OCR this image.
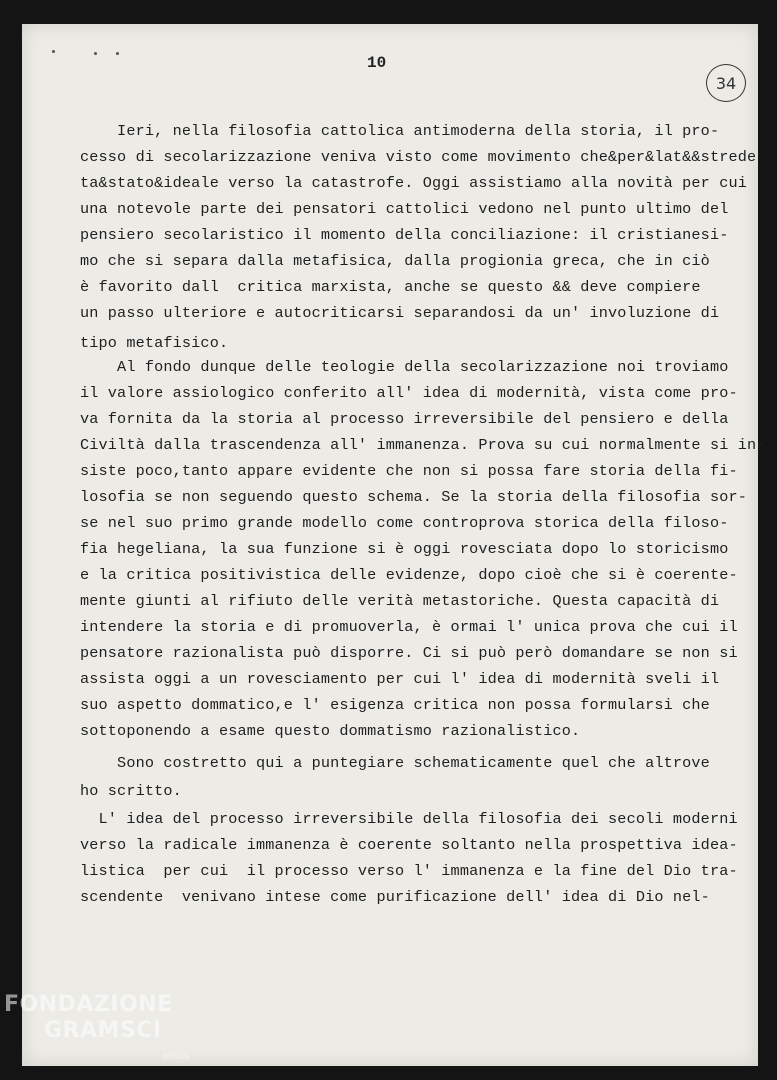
10
34
Ieri, nella filosofia cattolica antimoderna della storia, il pro-
cesso di secolarizzazione veniva visto come movimento che&per&lat&&strede
ta&stato&ideale verso la catastrofe. Oggi assistiamo alla novità per cui
una notevole parte dei pensatori cattolici vedono nel punto ultimo del
pensiero secolaristico il momento della conciliazione: il cristianesi-
mo che si separa dalla metafisica, dalla progionia greca, che in ciò
è favorito dall  critica marxista, anche se questo && deve compiere
un passo ulteriore e autocriticarsi separandosi da un' involuzione di
tipo metafisico.
Al fondo dunque delle teologie della secolarizzazione noi troviamo
il valore assiologico conferito all' idea di modernità, vista come pro-
va fornita da la storia al processo irreversibile del pensiero e della
Civiltà dalla trascendenza all' immanenza. Prova su cui normalmente si in-
siste poco,tanto appare evidente che non si possa fare storia della fi-
losofia se non seguendo questo schema. Se la storia della filosofia sor-
se nel suo primo grande modello come controprova storica della filoso-
fia hegeliana, la sua funzione si è oggi rovesciata dopo lo storicismo
e la critica positivistica delle evidenze, dopo cioè che si è coerente-
mente giunti al rifiuto delle verità metastoriche. Questa capacità di
intendere la storia e di promuoverla, è ormai l' unica prova che cui il
pensatore razionalista può disporre. Ci si può però domandare se non si
assista oggi a un rovesciamento per cui l' idea di modernità sveli il
suo aspetto dommatico,e l' esigenza critica non possa formularsi che
sottoponendo a esame questo dommatismo razionalistico.
Sono costretto qui a puntegiare schematicamente quel che altrove
ho scritto.
L' idea del processo irreversibile della filosofia dei secoli moderni
verso la radicale immanenza è coerente soltanto nella prospettiva idea-
listica  per cui  il processo verso l' immanenza e la fine del Dio tra-
scendente  venivano intese come purificazione dell' idea di Dio nel-
FONDAZIONE
GRAMSCI
onlus
